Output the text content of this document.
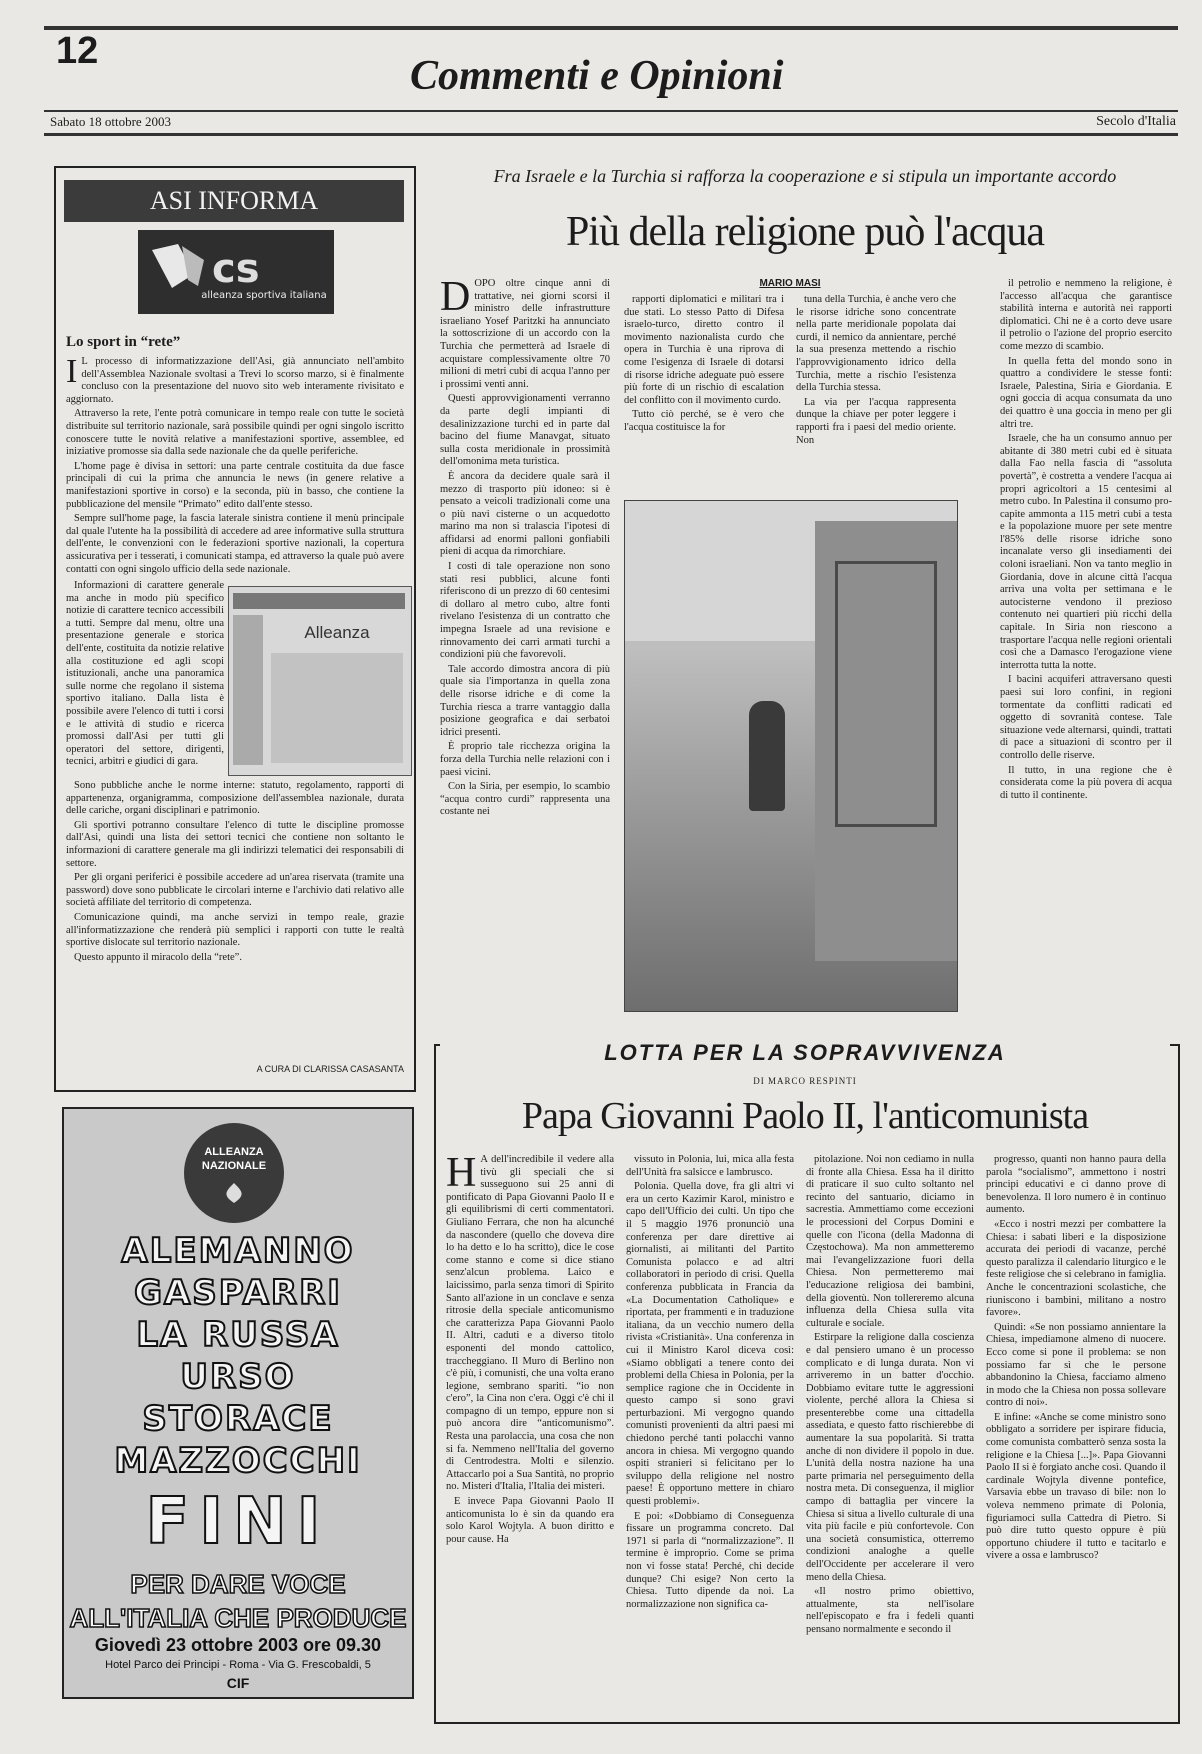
12
Commenti e Opinioni
Sabato 18 ottobre 2003	Secolo d'Italia
ASI INFORMA
cs
alleanza sportiva italiana
Lo sport in “rete”

I L processo di informatizzazione dell'Asi, già annunciato nell'ambito dell'Assemblea Nazionale svoltasi a Trevi lo scorso marzo, si è finalmente concluso con la presentazione del nuovo sito web interamente rivisitato e aggiornato.

Attraverso la rete, l'ente potrà comunicare in tempo reale con tutte le società distribuite sul territorio nazionale, sarà possibile quindi per ogni singolo iscritto conoscere tutte le novità relative a manifestazioni sportive, assemblee, ed iniziative promosse sia dalla sede nazionale che da quelle periferiche.

L'home page è divisa in settori: una parte centrale costituita da due fasce principali di cui la prima che annuncia le news (in genere relative a manifestazioni sportive in corso) e la seconda, più in basso, che contiene la pubblicazione del mensile “Primato” edito dall'ente stesso.

Sempre sull'home page, la fascia laterale sinistra contiene il menù principale dal quale l'utente ha la possibilità di accedere ad aree informative sulla struttura dell'ente, le convenzioni con le federazioni sportive nazionali, la copertura assicurativa per i tesserati, i comunicati stampa, ed attraverso la quale può avere contatti con ogni singolo ufficio della sede nazionale.

Alleanza

Informazioni di carattere generale ma anche in modo più specifico notizie di carattere tecnico accessibili a tutti. Sempre dal menu, oltre una presentazione generale e storica dell'ente, costituita da notizie relative alla costituzione ed agli scopi istituzionali, anche una panoramica sulle norme che regolano il sistema sportivo italiano. Dalla lista è possibile avere l'elenco di tutti i corsi e le attività di studio e ricerca promossi dall'Asi per tutti gli operatori del settore, dirigenti, tecnici, arbitri e giudici di gara.

Sono pubbliche anche le norme interne: statuto, regolamento, rapporti di appartenenza, organigramma, composizione dell'assemblea nazionale, durata delle cariche, organi disciplinari e patrimonio.

Gli sportivi potranno consultare l'elenco di tutte le discipline promosse dall'Asi, quindi una lista dei settori tecnici che contiene non soltanto le informazioni di carattere generale ma gli indirizzi telematici dei responsabili di settore.

Per gli organi periferici è possibile accedere ad un'area riservata (tramite una password) dove sono pubblicate le circolari interne e l'archivio dati relativo alle società affiliate del territorio di competenza.

Comunicazione quindi, ma anche servizi in tempo reale, grazie all'informatizzazione che renderà più semplici i rapporti con tutte le realtà sportive dislocate sul territorio nazionale.

Questo appunto il miracolo della “rete”.

A CURA DI CLARISSA CASASANTA
ALLEANZA NAZIONALE
ALEMANNO
GASPARRI
LA RUSSA
URSO
STORACE
MAZZOCCHI
FINI
PER DARE VOCE
ALL'ITALIA CHE PRODUCE
Giovedì 23 ottobre 2003 ore 09.30
Hotel Parco dei Principi - Roma - Via G. Frescobaldi, 5
CIF
Fra Israele e la Turchia si rafforza la cooperazione e si stipula un importante accordo
Più della religione può l'acqua

DOPO oltre cinque anni di trattative, nei giorni scorsi il ministro delle infrastrutture israeliano Yosef Paritzki ha annunciato la sottoscrizione di un accordo con la Turchia che permetterà ad Israele di acquistare complessivamente oltre 70 milioni di metri cubi di acqua l'anno per i prossimi venti anni.

Questi approvvigionamenti verranno da parte degli impianti di desalinizzazione turchi ed in parte dal bacino del fiume Manavgat, situato sulla costa meridionale in prossimità dell'omonima meta turistica.

È ancora da decidere quale sarà il mezzo di trasporto più idoneo: si è pensato a veicoli tradizionali come una o più navi cisterne o un acquedotto marino ma non si tralascia l'ipotesi di affidarsi ad enormi palloni gonfiabili pieni di acqua da rimorchiare.

I costi di tale operazione non sono stati resi pubblici, alcune fonti riferiscono di un prezzo di 60 centesimi di dollaro al metro cubo, altre fonti rivelano l'esistenza di un contratto che impegna Israele ad una revisione e rinnovamento dei carri armati turchi a condizioni più che favorevoli.

Tale accordo dimostra ancora di più quale sia l'importanza in quella zona delle risorse idriche e di come la Turchia riesca a trarre vantaggio dalla posizione geografica e dai serbatoi idrici presenti.

È proprio tale ricchezza origina la forza della Turchia nelle relazioni con i paesi vicini.

Con la Siria, per esempio, lo scambio “acqua contro curdi” rappresenta una costante nei

MARIO MASI

rapporti diplomatici e militari tra i due stati. Lo stesso Patto di Difesa israelo-turco, diretto contro il movimento nazionalista curdo che opera in Turchia è una riprova di come l'esigenza di Israele di dotarsi di risorse idriche adeguate può essere più forte di un rischio di escalation del conflitto con il movimento curdo.

Tutto ciò perché, se è vero che l'acqua costituisce la for

tuna della Turchia, è anche vero che le risorse idriche sono concentrate nella parte meridionale popolata dai curdi, il nemico da annientare, perché la sua presenza mettendo a rischio l'approvvigionamento idrico della Turchia, mette a rischio l'esistenza della Turchia stessa.

La via per l'acqua rappresenta dunque la chiave per poter leggere i rapporti fra i paesi del medio oriente. Non

il petrolio e nemmeno la religione, è l'accesso all'acqua che garantisce stabilità interna e autorità nei rapporti diplomatici. Chi ne è a corto deve usare il petrolio o l'azione del proprio esercito come mezzo di scambio.

In quella fetta del mondo sono in quattro a condividere le stesse fonti: Israele, Palestina, Siria e Giordania. E ogni goccia di acqua consumata da uno dei quattro è una goccia in meno per gli altri tre.

Israele, che ha un consumo annuo per abitante di 380 metri cubi ed è situata dalla Fao nella fascia di “assoluta povertà”, è costretta a vendere l'acqua ai propri agricoltori a 15 centesimi al metro cubo. In Palestina il consumo pro-capite ammonta a 115 metri cubi a testa e la popolazione muore per sete mentre l'85% delle risorse idriche sono incanalate verso gli insediamenti dei coloni israeliani. Non va tanto meglio in Giordania, dove in alcune città l'acqua arriva una volta per settimana e le autocisterne vendono il prezioso contenuto nei quartieri più ricchi della capitale. In Siria non riescono a trasportare l'acqua nelle regioni orientali così che a Damasco l'erogazione viene interrotta tutta la notte.

I bacini acquiferi attraversano questi paesi sui loro confini, in regioni tormentate da conflitti radicati ed oggetto di sovranità contese. Tale situazione vede alternarsi, quindi, trattati di pace a situazioni di scontro per il controllo delle riserve.

Il tutto, in una regione che è considerata come la più povera di acqua di tutto il continente.

LOTTA PER LA SOPRAVVIVENZA
DI MARCO RESPINTI
Papa Giovanni Paolo II, l'anticomunista

H A dell'incredibile il vedere alla tivù gli speciali che si susseguono sui 25 anni di pontificato di Papa Giovanni Paolo II e gli equilibrismi di certi commentatori. Giuliano Ferrara, che non ha alcunché da nascondere (quello che doveva dire lo ha detto e lo ha scritto), dice le cose come stanno e come si dice stiano senz'alcun problema. Laico e laicissimo, parla senza timori di Spirito Santo all'azione in un conclave e senza ritrosie della speciale anticomunismo che caratterizza Papa Giovanni Paolo II. Altri, caduti e a diverso titolo esponenti del mondo cattolico, traccheggiano. Il Muro di Berlino non c'è più, i comunisti, che una volta erano legione, sembrano spariti. “io non c'ero”, la Cina non c'era. Oggi c'è chi il compagno di un tempo, eppure non si può ancora dire “anticomunismo”. Resta una parolaccia, una cosa che non si fa. Nemmeno nell'Italia del governo di Centrodestra. Molti e silenzio. Attaccarlo poi a Sua Santità, no proprio no. Misteri d'Italia, l'Italia dei misteri.

E invece Papa Giovanni Paolo II anticomunista lo è sin da quando era solo Karol Wojtyla. A buon diritto e pour cause. Ha

vissuto in Polonia, lui, mica alla festa dell'Unità fra salsicce e lambrusco.

Polonia. Quella dove, fra gli altri vi era un certo Kazimir Karol, ministro e capo dell'Ufficio dei culti. Un tipo che il 5 maggio 1976 pronunciò una conferenza per dare direttive ai giornalisti, ai militanti del Partito Comunista polacco e ad altri collaboratori in periodo di crisi. Quella conferenza pubblicata in Francia da «La Documentation Catholique» e riportata, per frammenti e in traduzione italiana, da un vecchio numero della rivista «Cristianità». Una conferenza in cui il Ministro Karol diceva così: «Siamo obbligati a tenere conto dei problemi della Chiesa in Polonia, per la semplice ragione che in Occidente in questo campo si sono gravi perturbazioni. Mi vergogno quando comunisti provenienti da altri paesi mi chiedono perché tanti polacchi vanno ancora in chiesa. Mi vergogno quando ospiti stranieri si felicitano per lo sviluppo della religione nel nostro paese! È opportuno mettere in chiaro questi problemi».

E poi: «Dobbiamo di Conseguenza fissare un programma concreto. Dal 1971 si parla di “normalizzazione”. Il termine è improprio. Come se prima non vi fosse stata! Perché, chi decide dunque? Chi esige? Non certo la Chiesa. Tutto dipende da noi. La normalizzazione non significa ca-

pitolazione. Noi non cediamo in nulla di fronte alla Chiesa. Essa ha il diritto di praticare il suo culto soltanto nel recinto del santuario, diciamo in sacrestia. Ammettiamo come eccezioni le processioni del Corpus Domini e quelle con l'icona (della Madonna di Częstochowa). Ma non ammetteremo mai l'evangelizzazione fuori della Chiesa. Non permetteremo mai l'educazione religiosa dei bambini, della gioventù. Non tollereremo alcuna influenza della Chiesa sulla vita culturale e sociale.

Estirpare la religione dalla coscienza e dal pensiero umano è un processo complicato e di lunga durata. Non vi arriveremo in un batter d'occhio. Dobbiamo evitare tutte le aggressioni violente, perché allora la Chiesa si presenterebbe come una cittadella assediata, e questo fatto rischierebbe di aumentare la sua popolarità. Si tratta anche di non dividere il popolo in due. L'unità della nostra nazione ha una parte primaria nel perseguimento della nostra meta. Di conseguenza, il miglior campo di battaglia per vincere la Chiesa si situa a livello culturale di una vita più facile e più confortevole. Con una società consumistica, otterremo condizioni analoghe a quelle dell'Occidente per accelerare il vero meno della Chiesa.

«Il nostro primo obiettivo, attualmente, sta nell'isolare nell'episcopato e fra i fedeli quanti pensano normalmente e secondo il

progresso, quanti non hanno paura della parola “socialismo”, ammettono i nostri principi educativi e ci danno prove di benevolenza. Il loro numero è in continuo aumento.

«Ecco i nostri mezzi per combattere la Chiesa: i sabati liberi e la disposizione accurata dei periodi di vacanze, perché questo paralizza il calendario liturgico e le feste religiose che si celebrano in famiglia. Anche le concentrazioni scolastiche, che riuniscono i bambini, militano a nostro favore».

Quindi: «Se non possiamo annientare la Chiesa, impediamone almeno di nuocere. Ecco come si pone il problema: se non possiamo far sì che le persone abbandonino la Chiesa, facciamo almeno in modo che la Chiesa non possa sollevare contro di noi».

E infine: «Anche se come ministro sono obbligato a sorridere per ispirare fiducia, come comunista combatterò senza sosta la religione e la Chiesa [...]». Papa Giovanni Paolo II si è forgiato anche così. Quando il cardinale Wojtyla divenne pontefice, Varsavia ebbe un travaso di bile: non lo voleva nemmeno primate di Polonia, figuriamoci sulla Cattedra di Pietro. Si può dire tutto questo oppure è più opportuno chiudere il tutto e tacitarlo e vivere a ossa e lambrusco?
